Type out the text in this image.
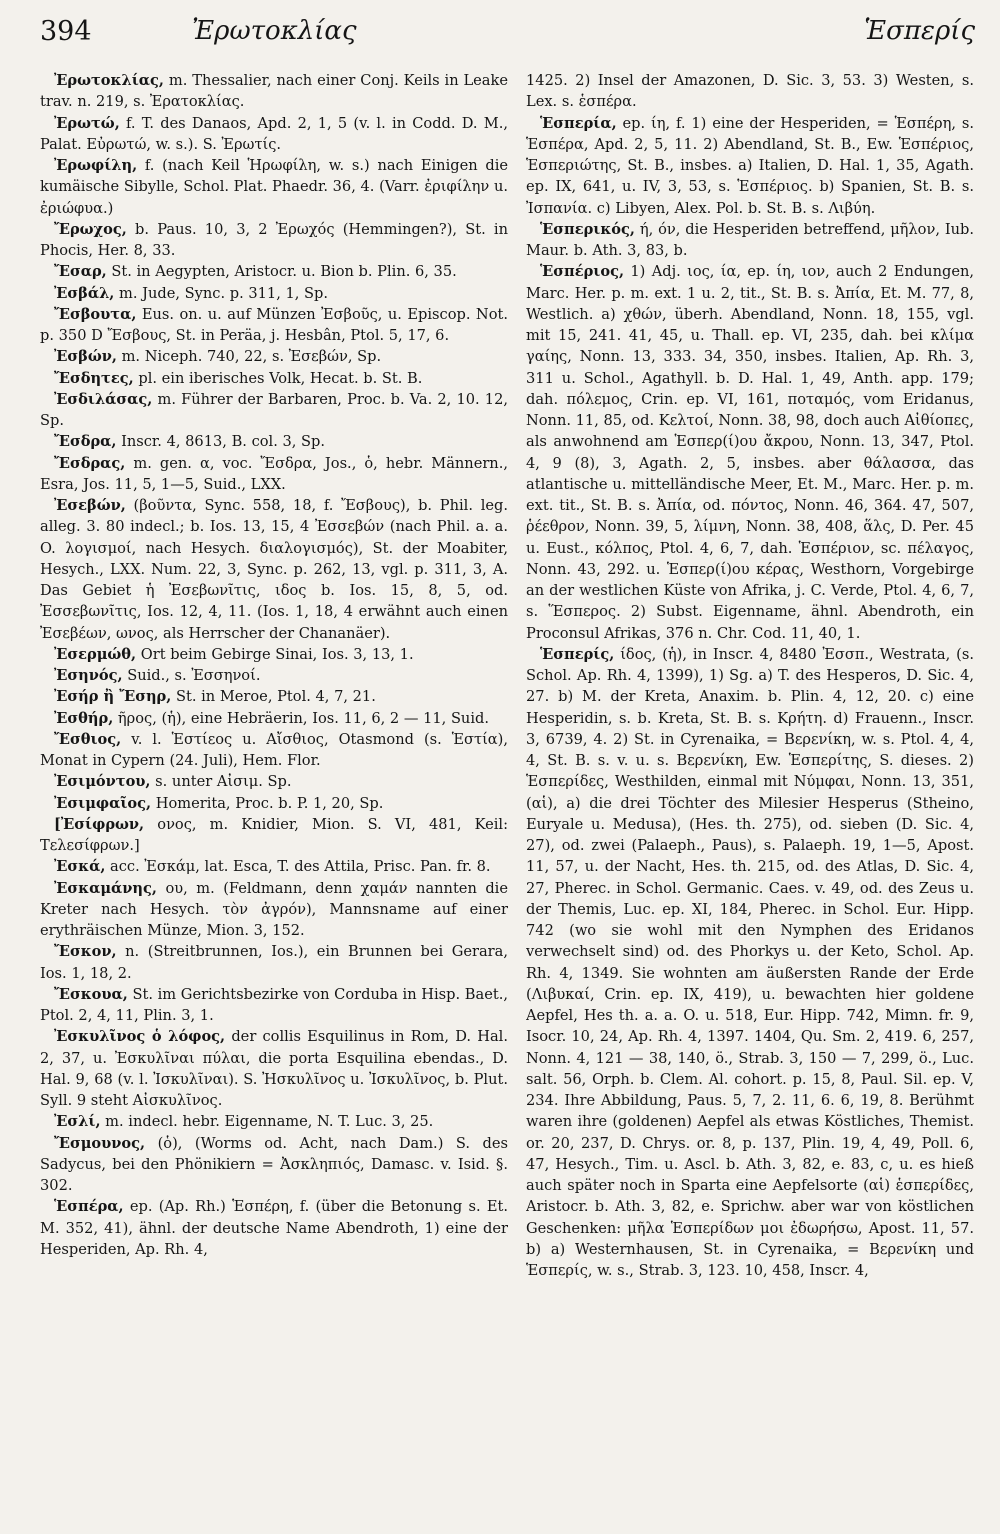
394	Ἐρωτοκλίας	Ἑσπερίς

Ἐρωτοκλίας, m. Thessalier, nach einer Conj. Keils in Leake trav. n. 219, s. Ἐρατοκλίας.

Ἐρωτώ, f. T. des Danaos, Apd. 2, 1, 5 (v. l. in Codd. D. M., Palat. Εὐρωτώ, w. s.). S. Ἐρωτίς.

Ἐρωφίλη, f. (nach Keil Ἡρωφίλη, w. s.) nach Einigen die kumäische Sibylle, Schol. Plat. Phaedr. 36, 4. (Varr. ἐριφίλην u. ἐριώφυα.)

Ἔρωχος, b. Paus. 10, 3, 2 Ἐρωχός (Hemmingen?), St. in Phocis, Her. 8, 33.

Ἔσαρ, St. in Aegypten, Aristocr. u. Bion b. Plin. 6, 35.

Ἐσβάλ, m. Jude, Sync. p. 311, 1, Sp.

Ἔσβουτα, Eus. on. u. auf Münzen Ἐσβοῦς, u. Episcop. Not. p. 350 D Ἔσβους, St. in Peräa, j. Hesbân, Ptol. 5, 17, 6.

Ἐσβών, m. Niceph. 740, 22, s. Ἐσεβών, Sp.

Ἔσδητες, pl. ein iberisches Volk, Hecat. b. St. B.

Ἐσδιλάσας, m. Führer der Barbaren, Proc. b. Va. 2, 10. 12, Sp.

Ἔσδρα, Inscr. 4, 8613, B. col. 3, Sp.

Ἔσδρας, m. gen. α, voc. Ἔσδρα, Jos., ὁ, hebr. Männern., Esra, Jos. 11, 5, 1—5, Suid., LXX.

Ἐσεβών, (βοῦντα, Sync. 558, 18, f. Ἔσβους), b. Phil. leg. alleg. 3. 80 indecl.; b. Ios. 13, 15, 4 Ἐσσεβών (nach Phil. a. a. O. λογισμοί, nach Hesych. διαλογισμός), St. der Moabiter, Hesych., LXX. Num. 22, 3, Sync. p. 262, 13, vgl. p. 311, 3, A. Das Gebiet ἡ Ἐσεβωνῖτις, ιδος b. Ios. 15, 8, 5, od. Ἐσσεβωνῖτις, Ios. 12, 4, 11. (Ios. 1, 18, 4 erwähnt auch einen Ἐσεβέων, ωνος, als Herrscher der Chananäer).

Ἐσερμώθ, Ort beim Gebirge Sinai, Ios. 3, 13, 1.

Ἐσηνός, Suid., s. Ἐσσηνοί.

Ἐσήρ ἢ Ἔσηρ, St. in Meroe, Ptol. 4, 7, 21.

Ἐσθήρ, ῆρος, (ἡ), eine Hebräerin, Ios. 11, 6, 2 — 11, Suid.

Ἔσθιος, v. l. Ἑστίεος u. Αἴσθιος, Otasmond (s. Ἑστία), Monat in Cypern (24. Juli), Hem. Flor.

Ἐσιμόντου, s. unter Αἰσιμ. Sp.

Ἐσιμφαῖος, Homerita, Proc. b. P. 1, 20, Sp.

[Ἐσίφρων, ονος, m. Knidier, Mion. S. VI, 481, Keil: Τελεσίφρων.]

Ἐσκά, acc. Ἐσκάμ, lat. Esca, T. des Attila, Prisc. Pan. fr. 8.

Ἐσκαμάνης, ου, m. (Feldmann, denn χαμάν nannten die Kreter nach Hesych. τὸν ἀγρόν), Mannsname auf einer erythräischen Münze, Mion. 3, 152.

Ἔσκον, n. (Streitbrunnen, Ios.), ein Brunnen bei Gerara, Ios. 1, 18, 2.

Ἔσκουα, St. im Gerichtsbezirke von Corduba in Hisp. Baet., Ptol. 2, 4, 11, Plin. 3, 1.

Ἐσκυλῖνος ὁ λόφος, der collis Esquilinus in Rom, D. Hal. 2, 37, u. Ἐσκυλῖναι πύλαι, die porta Esquilina ebendas., D. Hal. 9, 68 (v. l. Ἰσκυλῖναι). S. Ἠσκυλῖνος u. Ἰσκυλῖνος, b. Plut. Syll. 9 steht Αἰσκυλῖνος.

Ἐσλί, m. indecl. hebr. Eigenname, N. T. Luc. 3, 25.

Ἔσμουνος, (ὁ), (Worms od. Acht, nach Dam.) S. des Sadycus, bei den Phönikiern = Ἀσκληπιός, Damasc. v. Isid. §. 302.

Ἑσπέρα, ep. (Ap. Rh.) Ἑσπέρη, f. (über die Betonung s. Et. M. 352, 41), ähnl. der deutsche Name Abendroth, 1) eine der Hesperiden, Ap. Rh. 4,

1425. 2) Insel der Amazonen, D. Sic. 3, 53. 3) Westen, s. Lex. s. ἑσπέρα.

Ἑσπερία, ep. ίη, f. 1) eine der Hesperiden, = Ἑσπέρη, s. Ἑσπέρα, Apd. 2, 5, 11. 2) Abendland, St. B., Ew. Ἑσπέριος, Ἑσπεριώτης, St. B., insbes. a) Italien, D. Hal. 1, 35, Agath. ep. IX, 641, u. IV, 3, 53, s. Ἑσπέριος. b) Spanien, St. B. s. Ἰσπανία. c) Libyen, Alex. Pol. b. St. B. s. Λιβύη.

Ἑσπερικός, ή, όν, die Hesperiden betreffend, μῆλον, Iub. Maur. b. Ath. 3, 83, b.

Ἑσπέριος, 1) Adj. ιος, ία, ep. ίη, ιον, auch 2 Endungen, Marc. Her. p. m. ext. 1 u. 2, tit., St. B. s. Ἀπία, Et. M. 77, 8, Westlich. a) χθών, überh. Abendland, Nonn. 18, 155, vgl. mit 15, 241. 41, 45, u. Thall. ep. VI, 235, dah. bei κλίμα γαίης, Nonn. 13, 333. 34, 350, insbes. Italien, Ap. Rh. 3, 311 u. Schol., Agathyll. b. D. Hal. 1, 49, Anth. app. 179; dah. πόλεμος, Crin. ep. VI, 161, ποταμός, vom Eridanus, Nonn. 11, 85, od. Κελτοί, Nonn. 38, 98, doch auch Αἰθίοπες, als anwohnend am Ἑσπερ(ί)ου ἄκρου, Nonn. 13, 347, Ptol. 4, 9 (8), 3, Agath. 2, 5, insbes. aber θάλασσα, das atlantische u. mittelländische Meer, Et. M., Marc. Her. p. m. ext. tit., St. B. s. Ἀπία, od. πόντος, Nonn. 46, 364. 47, 507, ῥέεθρον, Nonn. 39, 5, λίμνη, Nonn. 38, 408, ἅλς, D. Per. 45 u. Eust., κόλπος, Ptol. 4, 6, 7, dah. Ἑσπέριον, sc. πέλαγος, Nonn. 43, 292. u. Ἑσπερ(ί)ου κέρας, Westhorn, Vorgebirge an der westlichen Küste von Afrika, j. C. Verde, Ptol. 4, 6, 7, s. Ἕσπερος. 2) Subst. Eigenname, ähnl. Abendroth, ein Proconsul Afrikas, 376 n. Chr. Cod. 11, 40, 1.

Ἑσπερίς, ίδος, (ἡ), in Inscr. 4, 8480 Ἐσσπ., Westrata, (s. Schol. Ap. Rh. 4, 1399), 1) Sg. a) T. des Hesperos, D. Sic. 4, 27. b) M. der Kreta, Anaxim. b. Plin. 4, 12, 20. c) eine Hesperidin, s. b. Kreta, St. B. s. Κρήτη. d) Frauenn., Inscr. 3, 6739, 4. 2) St. in Cyrenaika, = Βερενίκη, w. s. Ptol. 4, 4, 4, St. B. s. v. u. s. Βερενίκη, Ew. Ἑσπερίτης, S. dieses. 2) Ἑσπερίδες, Westhilden, einmal mit Νύμφαι, Nonn. 13, 351, (αἱ), a) die drei Töchter des Milesier Hesperus (Stheino, Euryale u. Medusa), (Hes. th. 275), od. sieben (D. Sic. 4, 27), od. zwei (Palaeph., Paus), s. Palaeph. 19, 1—5, Apost. 11, 57, u. der Nacht, Hes. th. 215, od. des Atlas, D. Sic. 4, 27, Pherec. in Schol. Germanic. Caes. v. 49, od. des Zeus u. der Themis, Luc. ep. XI, 184, Pherec. in Schol. Eur. Hipp. 742 (wo sie wohl mit den Nymphen des Eridanos verwechselt sind) od. des Phorkys u. der Keto, Schol. Ap. Rh. 4, 1349. Sie wohnten am äußersten Rande der Erde (Λιβυκαί, Crin. ep. IX, 419), u. bewachten hier goldene Aepfel, Hes th. a. a. O. u. 518, Eur. Hipp. 742, Mimn. fr. 9, Isocr. 10, 24, Ap. Rh. 4, 1397. 1404, Qu. Sm. 2, 419. 6, 257, Nonn. 4, 121 — 38, 140, ö., Strab. 3, 150 — 7, 299, ö., Luc. salt. 56, Orph. b. Clem. Al. cohort. p. 15, 8, Paul. Sil. ep. V, 234. Ihre Abbildung, Paus. 5, 7, 2. 11, 6. 6, 19, 8. Berühmt waren ihre (goldenen) Aepfel als etwas Köstliches, Themist. or. 20, 237, D. Chrys. or. 8, p. 137, Plin. 19, 4, 49, Poll. 6, 47, Hesych., Tim. u. Ascl. b. Ath. 3, 82, e. 83, c, u. es hieß auch später noch in Sparta eine Aepfelsorte (αἱ) ἑσπερίδες, Aristocr. b. Ath. 3, 82, e. Sprichw. aber war von köstlichen Geschenken: μῆλα Ἑσπερίδων μοι ἐδωρήσω, Apost. 11, 57. b) a) Westernhausen, St. in Cyrenaika, = Βερενίκη und Ἑσπερίς, w. s., Strab. 3, 123. 10, 458, Inscr. 4,
